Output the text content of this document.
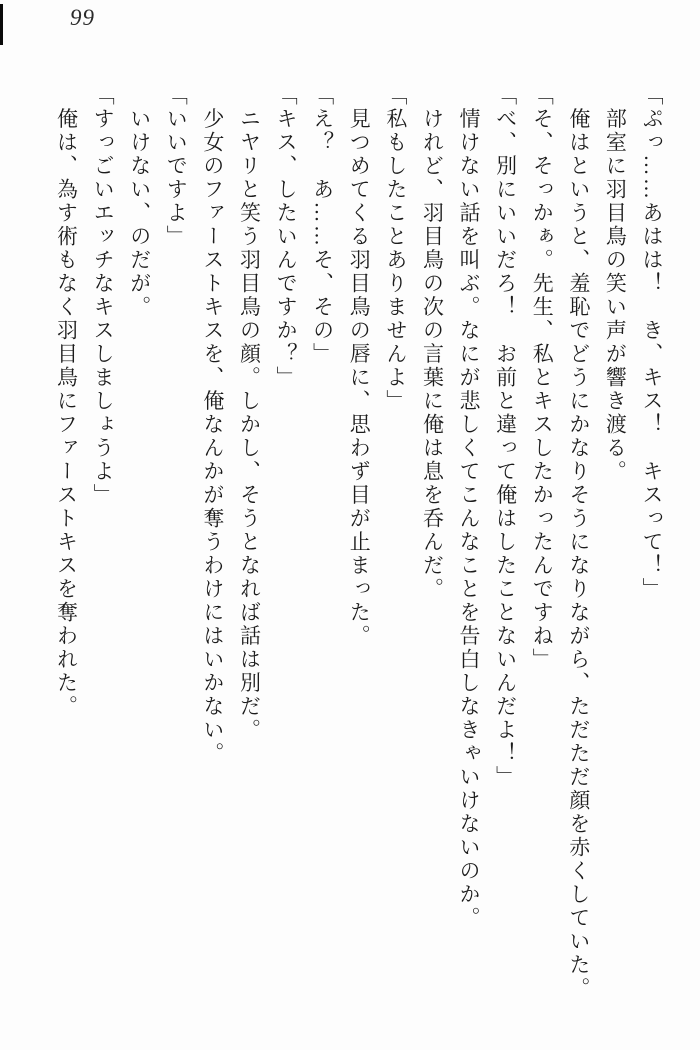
99

「ぷっ……あはは！　き、キス！　キスって！」

　部室に羽目鳥の笑い声が響き渡る。

　俺はというと、羞恥でどうにかなりそうになりながら、ただただ顔を赤くしていた。

「そ、そっかぁ。先生、私とキスしたかったんですね」

「べ、別にいいだろ！　お前と違って俺はしたことないんだよ！」

　情けない話を叫ぶ。なにが悲しくてこんなことを告白しなきゃいけないのか。

　けれど、羽目鳥の次の言葉に俺は息を呑んだ。

「私もしたことありませんよ」

　見つめてくる羽目鳥の唇に、思わず目が止まった。

「え？　あ……そ、その」

「キス、したいんですか？」

　ニヤリと笑う羽目鳥の顔。しかし、そうとなれば話は別だ。

　少女のファーストキスを、俺なんかが奪うわけにはいかない。

「いいですよ」

　いけない、のだが。

「すっごいエッチなキスしましょうよ」

　俺は、為す術もなく羽目鳥にファーストキスを奪われた。
